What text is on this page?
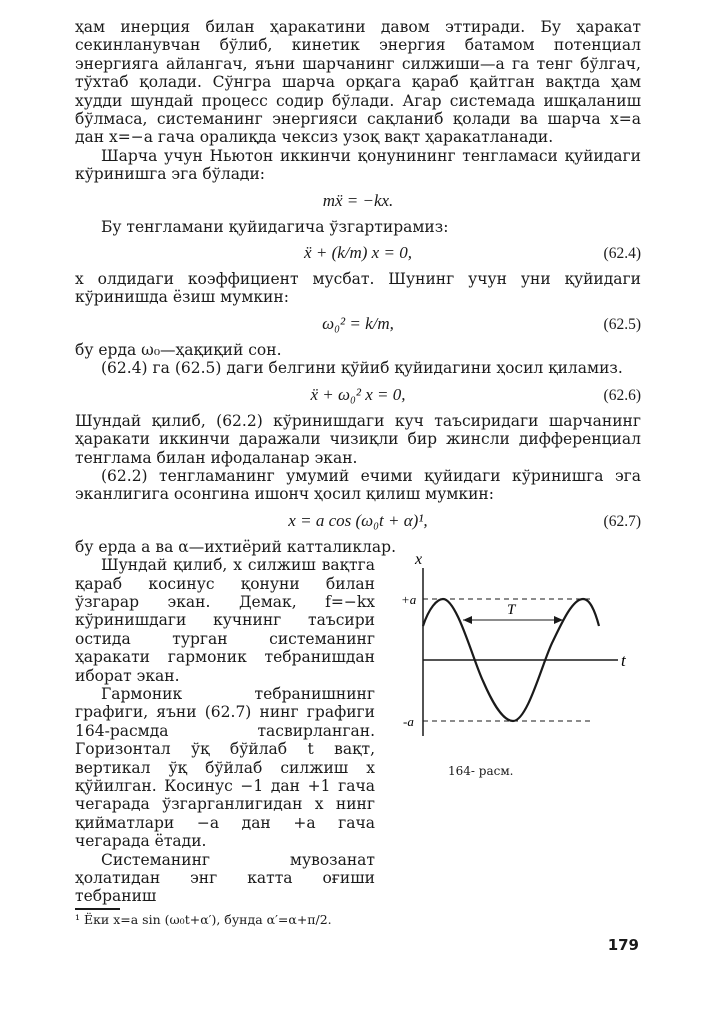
ҳам инерция билан ҳаракатини давом эттиради. Бу ҳаракат секинланувчан бўлиб, кинетик энергия батамом потенциал энергияга айлангач, яъни шарчанинг силжиши—a га тенг бўлгач, тўхтаб қолади. Сўнгра шарча орқага қараб қайтган вақтда ҳам худди шундай процесс содир бўлади. Агар системада ишқаланиш бўлмаса, системанинг энергияси сақланиб қолади ва шарча x=a дан x=−a гача оралиқда чексиз узоқ вақт ҳаракатланади.

Шарча учун Ньютон иккинчи қонунининг тенгламаси қуйидаги кўринишга эга бўлади:

mẍ = −kx.

Бу тенгламани қуйидагича ўзгартирамиз:

ẍ + (k/m) x = 0,	(62.4)

x олдидаги коэффициент мусбат. Шунинг учун уни қуйидаги кўринишда ёзиш мумкин:

ω₀² = k/m,	(62.5)

бу ерда ω₀—ҳақиқий сон.

(62.4) га (62.5) даги белгини қўйиб қуйидагини ҳосил қиламиз.

ẍ + ω₀² x = 0,	(62.6)

Шундай қилиб, (62.2) кўринишдаги куч таъсиридаги шарчанинг ҳаракати иккинчи даражали чизиқли бир жинсли дифференциал тенглама билан ифодаланар экан.

(62.2) тенгламанинг умумий ечими қуйидаги кўринишга эга эканлигига осонгина ишонч ҳосил қилиш мумкин:

x = a cos (ω₀t + α)¹,	(62.7)

бу ерда a ва α—ихтиёрий катталиклар.

Шундай қилиб, x силжиш вақтга қараб косинус қонуни билан ўзгарар экан. Демак, f=−kx кўринишдаги кучнинг таъсири остида турган системанинг ҳаракати гармоник тебранишдан иборат экан.

Гармоник тебранишнинг графиги, яъни (62.7) нинг графиги 164-расмда тасвирланган. Горизонтал ўқ бўйлаб t вақт, вертикал ўқ бўйлаб силжиш x қўйилган. Косинус −1 дан +1 гача чегарада ўзгарганлигидан x нинг қийматлари −a дан +a гача чегарада ётади.

Системанинг мувозанат ҳолатидан энг катта оғиши тебраниш

x
+a
-a
T
t
164- расм.

¹ Ёки x=a sin (ω₀t+α′), бунда α′=α+π/2.

179
